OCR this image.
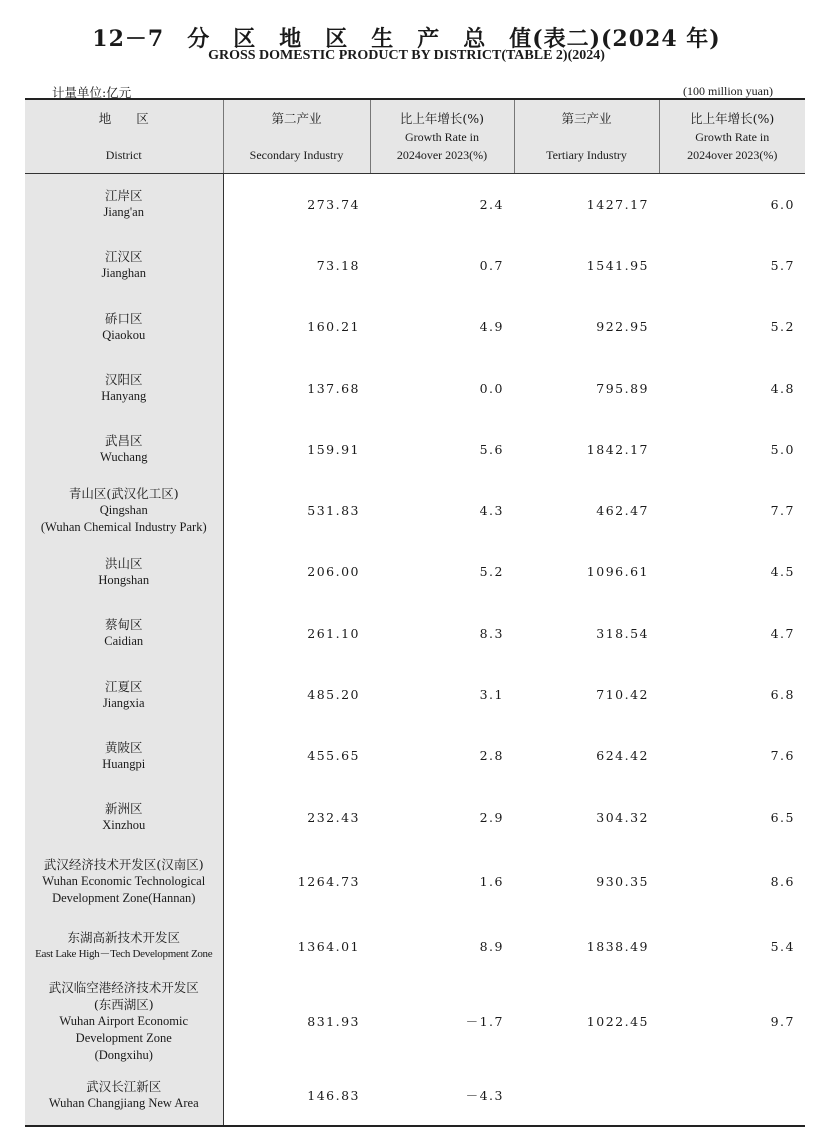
12－7　分　区　地　区　生　产　总　值(表二)(2024 年)
GROSS DOMESTIC PRODUCT BY DISTRICT(TABLE 2)(2024)
计量单位:亿元	(100 million yuan)
地　　区
District	第二产业
Secondary Industry	比上年增长(%)
Growth Rate in
2024over 2023(%)	第三产业
Tertiary Industry	比上年增长(%)
Growth Rate in
2024over 2023(%)

江岸区
Jiang'an	273.74	2.4	1427.17	6.0

江汉区
Jianghan	73.18	0.7	1541.95	5.7

硚口区
Qiaokou	160.21	4.9	922.95	5.2

汉阳区
Hanyang	137.68	0.0	795.89	4.8

武昌区
Wuchang	159.91	5.6	1842.17	5.0

青山区(武汉化工区)
Qingshan
(Wuhan Chemical Industry Park)	531.83	4.3	462.47	7.7

洪山区
Hongshan	206.00	5.2	1096.61	4.5

蔡甸区
Caidian	261.10	8.3	318.54	4.7

江夏区
Jiangxia	485.20	3.1	710.42	6.8

黄陂区
Huangpi	455.65	2.8	624.42	7.6

新洲区
Xinzhou	232.43	2.9	304.32	6.5

武汉经济技术开发区(汉南区)
Wuhan Economic Technological
Development Zone(Hannan)	1264.73	1.6	930.35	8.6

东湖高新技术开发区
East Lake High－Tech Development Zone	1364.01	8.9	1838.49	5.4

武汉临空港经济技术开发区
(东西湖区)
Wuhan Airport Economic
Development Zone
(Dongxihu)	831.93	－1.7	1022.45	9.7

武汉长江新区
Wuhan Changjiang New Area	146.83	－4.3		
